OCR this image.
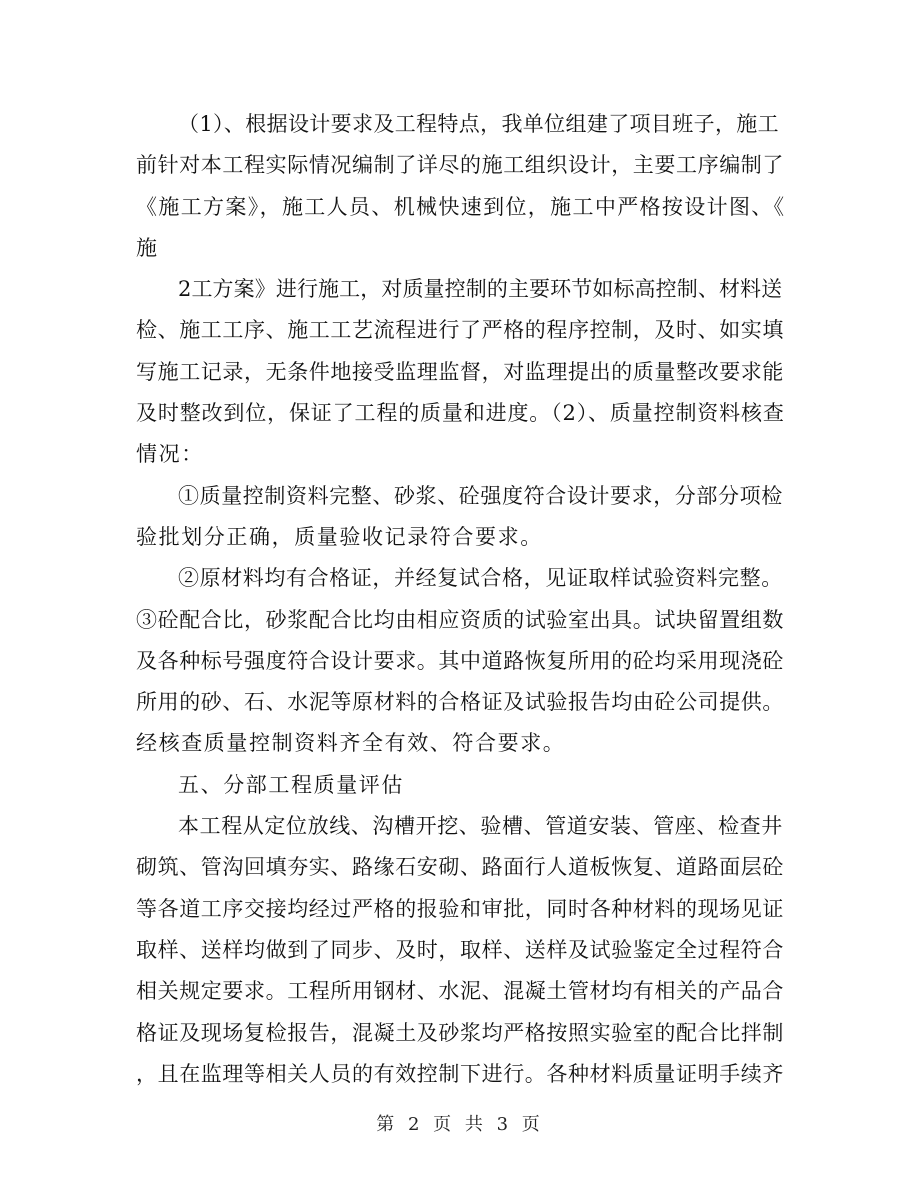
（1）、根据设计要求及工程特点，我单位组建了项目班子，施工
前针对本工程实际情况编制了详尽的施工组织设计，主要工序编制了
《施工方案》，施工人员、机械快速到位，施工中严格按设计图、《
施
2工方案》进行施工，对质量控制的主要环节如标高控制、材料送
检、施工工序、施工工艺流程进行了严格的程序控制，及时、如实填
写施工记录，无条件地接受监理监督，对监理提出的质量整改要求能
及时整改到位，保证了工程的质量和进度。（2）、质量控制资料核查
情况：
①质量控制资料完整、砂浆、砼强度符合设计要求，分部分项检
验批划分正确，质量验收记录符合要求。
②原材料均有合格证，并经复试合格，见证取样试验资料完整。
③砼配合比，砂浆配合比均由相应资质的试验室出具。试块留置组数
及各种标号强度符合设计要求。其中道路恢复所用的砼均采用现浇砼
所用的砂、石、水泥等原材料的合格证及试验报告均由砼公司提供。
经核查质量控制资料齐全有效、符合要求。
五、分部工程质量评估
本工程从定位放线、沟槽开挖、验槽、管道安装、管座、检查井
砌筑、管沟回填夯实、路缘石安砌、路面行人道板恢复、道路面层砼
等各道工序交接均经过严格的报验和审批，同时各种材料的现场见证
取样、送样均做到了同步、及时，取样、送样及试验鉴定全过程符合
相关规定要求。工程所用钢材、水泥、混凝土管材均有相关的产品合
格证及现场复检报告，混凝土及砂浆均严格按照实验室的配合比拌制
，且在监理等相关人员的有效控制下进行。各种材料质量证明手续齐
第 2 页 共 3 页
